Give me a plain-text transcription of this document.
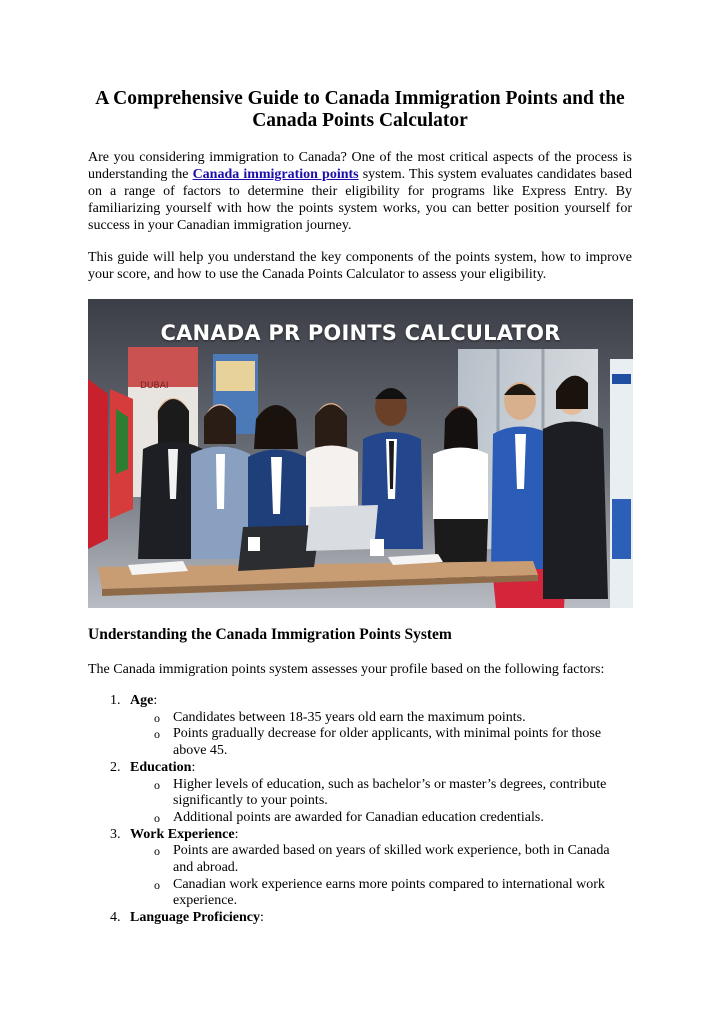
A Comprehensive Guide to Canada Immigration Points and the Canada Points Calculator

Are you considering immigration to Canada? One of the most critical aspects of the process is understanding the Canada immigration points system. This system evaluates candidates based on a range of factors to determine their eligibility for programs like Express Entry. By familiarizing yourself with how the points system works, you can better position yourself for success in your Canadian immigration journey.

This guide will help you understand the key components of the points system, how to improve your score, and how to use the Canada Points Calculator to assess your eligibility.

CANADA PR POINTS CALCULATOR
DUBAI
Understanding the Canada Immigration Points System

The Canada immigration points system assesses your profile based on the following factors:

1. Age:
o Candidates between 18-35 years old earn the maximum points.
o Points gradually decrease for older applicants, with minimal points for those above 45.
2. Education:
o Higher levels of education, such as bachelor’s or master’s degrees, contribute significantly to your points.
o Additional points are awarded for Canadian education credentials.
3. Work Experience:
o Points are awarded based on years of skilled work experience, both in Canada and abroad.
o Canadian work experience earns more points compared to international work experience.
4. Language Proficiency:
